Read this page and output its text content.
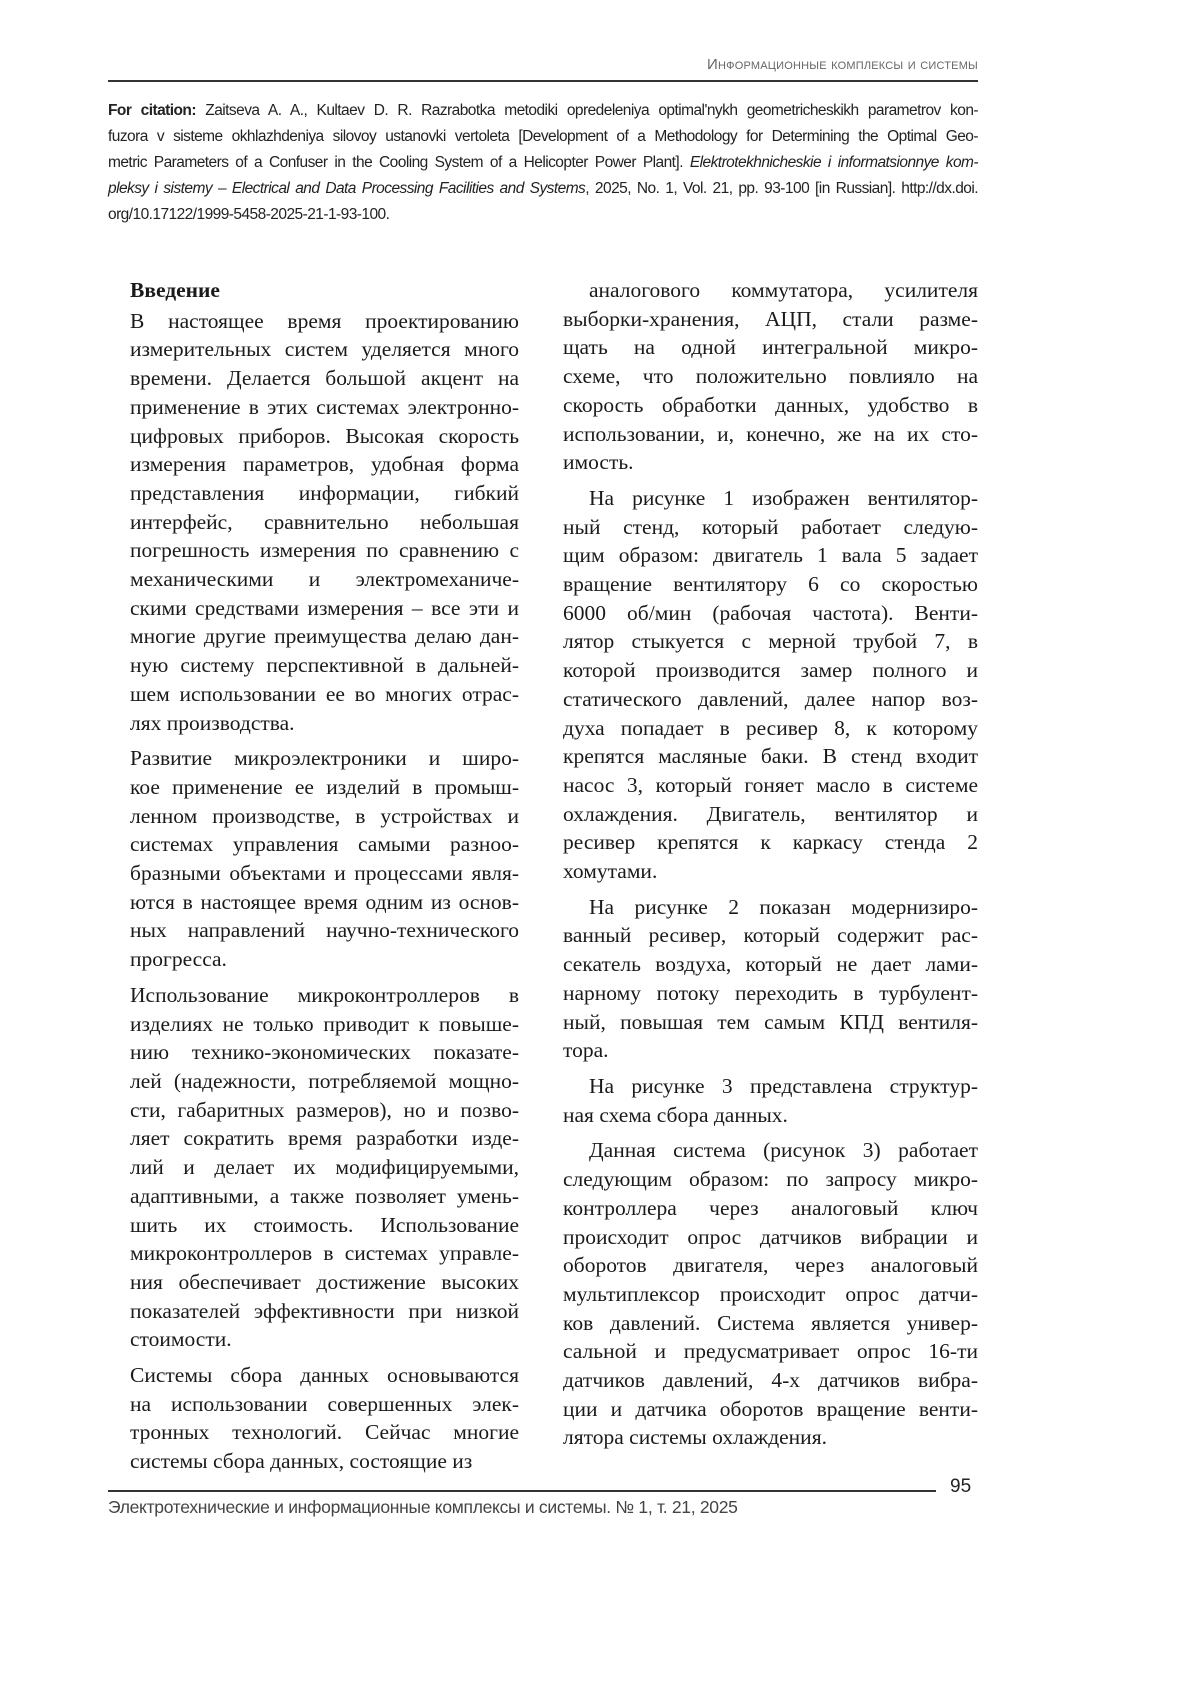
Информационные комплексы и системы
For citation: Zaitseva A. A., Kultaev D. R. Razrabotka metodiki opredeleniya optimal'nykh geometricheskikh parametrov kon-
fuzora v sisteme okhlazhdeniya silovoy ustanovki vertoleta [Development of a Methodology for Determining the Optimal Geo-
metric Parameters of a Confuser in the Cooling System of a Helicopter Power Plant]. Elektrotekhnicheskie i informatsionnye kom-
pleksy i sistemy – Electrical and Data Processing Facilities and Systems, 2025, No. 1, Vol. 21, pp. 93-100 [in Russian]. http://dx.doi.
org/10.17122/1999-5458-2025-21-1-93-100.
Введение
В настоящее время проектированию
измерительных систем уделяется много
времени. Делается большой акцент на
применение в этих системах электронно-
цифровых приборов. Высокая скорость
измерения параметров, удобная форма
представления информации, гибкий
интерфейс, сравнительно небольшая
погрешность измерения по сравнению с
механическими и электромеханиче-
скими средствами измерения – все эти и
многие другие преимущества делаю дан-
ную систему перспективной в дальней-
шем использовании ее во многих отрас-
лях производства.
Развитие микроэлектроники и широ-
кое применение ее изделий в промыш-
ленном производстве, в устройствах и
системах управления самыми разноо-
бразными объектами и процессами явля-
ются в настоящее время одним из основ-
ных направлений научно-технического
прогресса.
Использование микроконтроллеров в
изделиях не только приводит к повыше-
нию технико-экономических показате-
лей (надежности, потребляемой мощно-
сти, габаритных размеров), но и позво-
ляет сократить время разработки изде-
лий и делает их модифицируемыми,
адаптивными, а также позволяет умень-
шить их стоимость. Использование
микроконтроллеров в системах управле-
ния обеспечивает достижение высоких
показателей эффективности при низкой
стоимости.
Системы сбора данных основываются
на использовании совершенных элек-
тронных технологий. Сейчас многие
системы сбора данных, состоящие из
аналогового коммутатора, усилителя
выборки-хранения, АЦП, стали разме-
щать на одной интегральной микро-
схеме, что положительно повлияло на
скорость обработки данных, удобство в
использовании, и, конечно, же на их сто-
имость.
На рисунке 1 изображен вентилятор-
ный стенд, который работает следую-
щим образом: двигатель 1 вала 5 задает
вращение вентилятору 6 со скоростью
6000 об/мин (рабочая частота). Венти-
лятор стыкуется с мерной трубой 7, в
которой производится замер полного и
статического давлений, далее напор воз-
духа попадает в ресивер 8, к которому
крепятся масляные баки. В стенд входит
насос 3, который гоняет масло в системе
охлаждения. Двигатель, вентилятор и
ресивер крепятся к каркасу стенда 2
хомутами.
На рисунке 2 показан модернизиро-
ванный ресивер, который содержит рас-
секатель воздуха, который не дает лами-
нарному потоку переходить в турбулент-
ный, повышая тем самым КПД вентиля-
тора.
На рисунке 3 представлена структур-
ная схема сбора данных.
Данная система (рисунок 3) работает
следующим образом: по запросу микро-
контроллера через аналоговый ключ
происходит опрос датчиков вибрации и
оборотов двигателя, через аналоговый
мультиплексор происходит опрос датчи-
ков давлений. Система является универ-
сальной и предусматривает опрос 16-ти
датчиков давлений, 4-х датчиков вибра-
ции и датчика оборотов вращение венти-
лятора системы охлаждения.
95
Электротехнические и информационные комплексы и системы. № 1, т. 21, 2025
